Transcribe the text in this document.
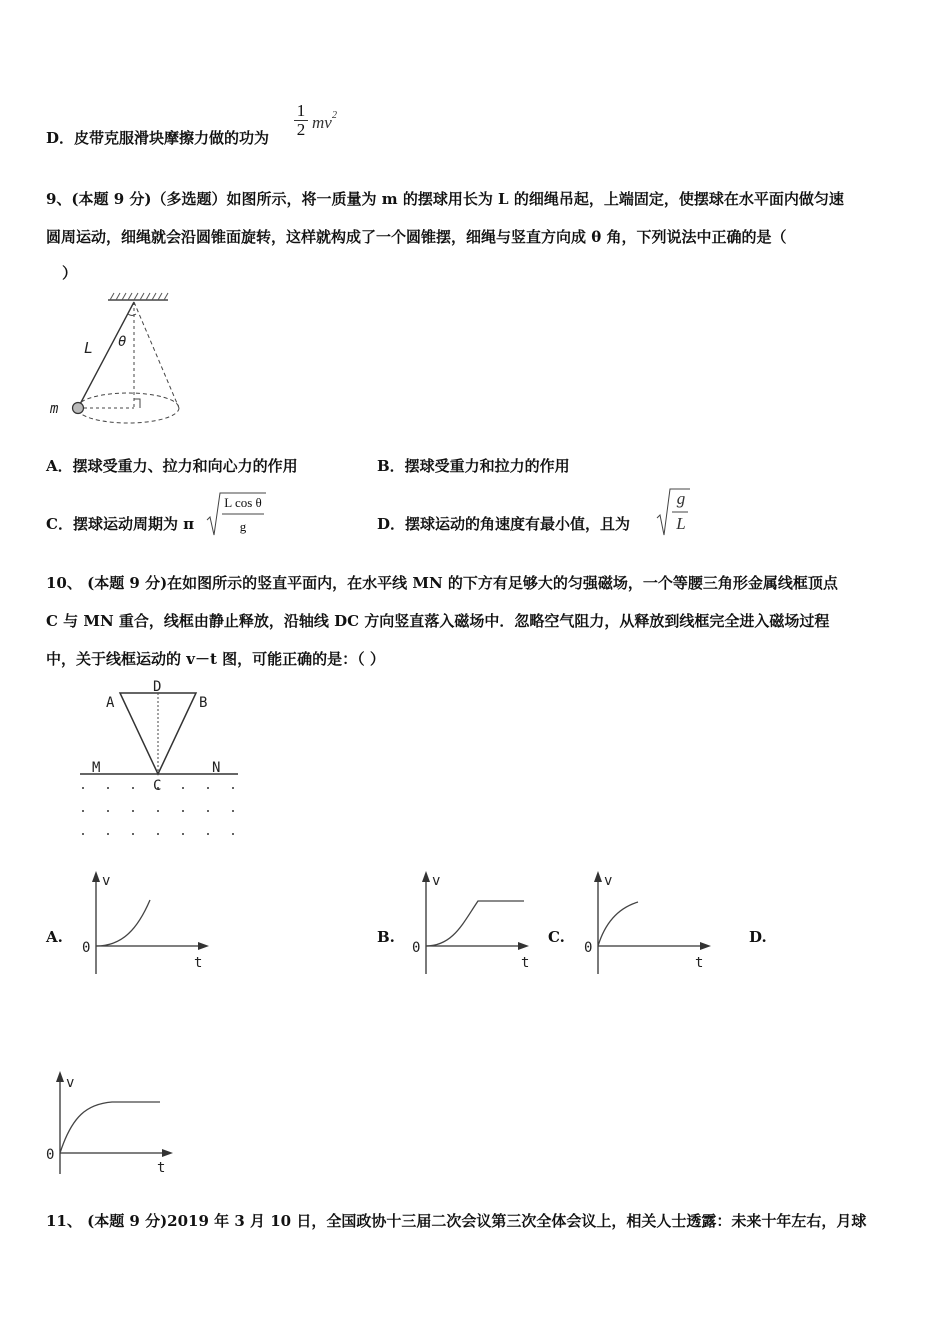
D．皮带克服滑块摩擦力做的功为
1
2 mv 2
9、(本题 9 分)（多选题）如图所示，将一质量为 m 的摆球用长为 L 的细绳吊起，上端固定，使摆球在水平面内做匀速
圆周运动，细绳就会沿圆锥面旋转，这样就构成了一个圆锥摆，细绳与竖直方向成 θ 角，下列说法中正确的是（
）
L θ
m
A．摆球受重力、拉力和向心力的作用	B．摆球受重力和拉力的作用
C．摆球运动周期为 π
L cos θ
g	D．摆球运动的角速度有最小值，且为
g
L
10、 (本题 9 分)在如图所示的竖直平面内，在水平线 MN 的下方有足够大的匀强磁场，一个等腰三角形金属线框顶点
C 与 MN 重合，线框由静止释放，沿轴线 DC 方向竖直落入磁场中．忽略空气阻力，从释放到线框完全进入磁场过程
中，关于线框运动的 v－t 图，可能正确的是：（ ）
A
D
B
M	N
C
A.
v
0
t
B.
v
0
t
C.
v
0
t
D.
v
0
t
11、 (本题 9 分)2019 年 3 月 10 日，全国政协十三届二次会议第三次全体会议上，相关人士透露：未来十年左右，月球
